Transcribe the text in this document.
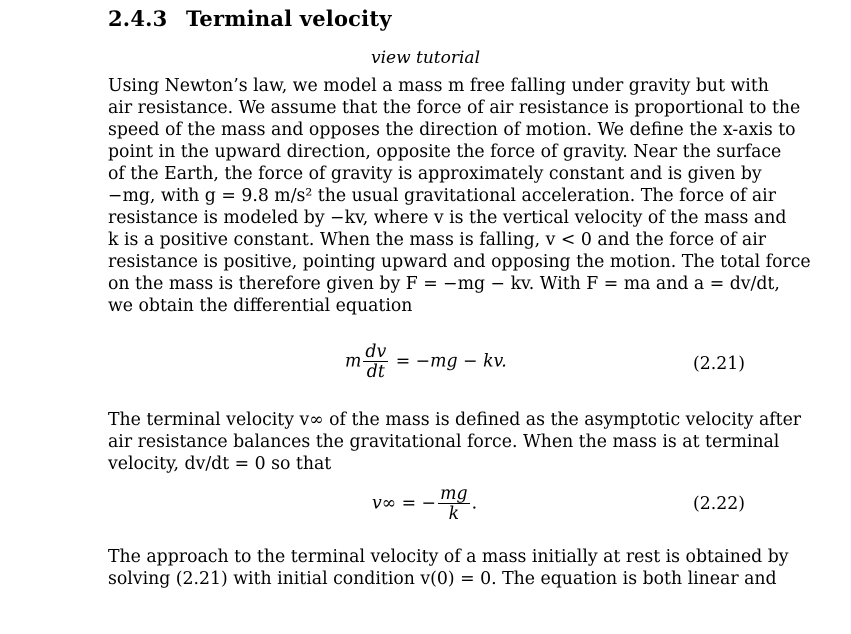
2.4.3 Terminal velocity
view tutorial
Using Newton’s law, we model a mass m free falling under gravity but with
air resistance. We assume that the force of air resistance is proportional to the
speed of the mass and opposes the direction of motion. We define the x-axis to
point in the upward direction, opposite the force of gravity. Near the surface
of the Earth, the force of gravity is approximately constant and is given by
−mg, with g = 9.8 m/s² the usual gravitational acceleration. The force of air
resistance is modeled by −kv, where v is the vertical velocity of the mass and
k is a positive constant. When the mass is falling, v < 0 and the force of air
resistance is positive, pointing upward and opposing the motion. The total force
on the mass is therefore given by F = −mg − kv. With F = ma and a = dv/dt,
we obtain the differential equation
m $\frac{dv}{dt} = -mg$ − kv.	(2.21)
The terminal velocity v∞ of the mass is defined as the asymptotic velocity after
air resistance balances the gravitational force. When the mass is at terminal
velocity, dv/dt = 0 so that
v∞ = − $\frac{mg}{k}$ .	(2.22)
The approach to the terminal velocity of a mass initially at rest is obtained by
solving (2.21) with initial condition v(0) = 0. The equation is both linear and
